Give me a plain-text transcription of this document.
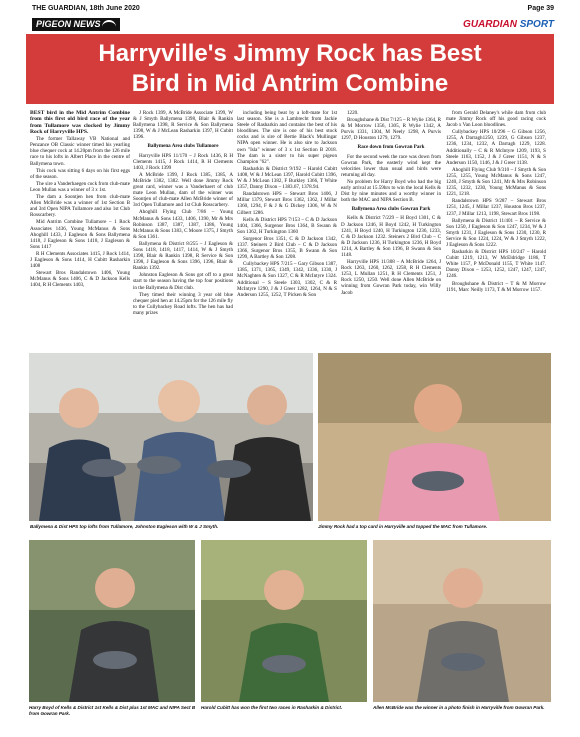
THE GUARDIAN, 18th June 2020	Page 39
PIGEON NEWS	GUARDIAN SPORT
Harryville's Jimmy Rock has Best
Bird in Mid Antrim Combine

BEST bird in the Mid Antrim Combine from this first old bird race of the year from Tullamore was clocked by Jimmy Rock of Harryville HPS.

The former Tallaway VB National and Penzance OB Classic winner timed his yearling blue chequer cock at 14.20pm from the 126 mile race to his lofts in Albert Place in the centre of Ballymena town.

This cock was sitting 6 days on his first eggs of the season.

The sire a Vanderhaegen cock from club-mate Leon Mullan was a winner of 3 x 1st.

The dam a Soontjen hen from club-mate Allen McBride was a winner of 1st Section B and 3rd Open NIPA Tullamore and also 1st Club Rosscarbery.

Mid Antrim Combine Tullamore – 1 Rock Associates 1436, Young McManus & Sons Ahoghill 1433, J Eagleson & Sons Ballymena 1418, J Eagleson & Sons 1418, J Eagleson & Sons 1417

R H Clements Associates 1415, J Rock 1414, J Eagleson & Sons 1414, H Cubitt Rasharkin 1408

Stewart Bros Randalstown 1406, Young McManus & Sons 1406, C & D Jackson Kells 1404, R H Clements 1403,

J Rock 1399, A McBride Associate 1399, W & J Smyth Ballymena 1398, Blair & Rankin Ballymena 1398, R Service & Son Ballymena 1398, W & J McLean Rasharkin 1397, H Cubitt 1396.

Ballymena Area clubs Tullamore

Harryville HPS 11/170 – J Rock 1436, R H Clements 1415, J Rock 1414, R H Clements 1403, J Rock 1399

A McBride 1399, J Rock 1385, 1385, A McBride 1382, 1382. Well done Jimmy Rock great card, winner was a Vanderhaert of club mate Leon Mullan, dam of the winner was Soontjen of club-mate Allen McBride winner of 3rd Open Tullamore and 1st Club Rosscarbery.

Ahoghill Flying Club 7/86 – Young McManus & Sons 1433, 1406, 1390, Mr & Mrs Robinson 1387, 1387, 1387, 1386, Young McManus & Sons 1383, C Moore 1375, J Smyth & Son 1361.

Ballymena & District 8/255 – J Eagleson & Sons 1418, 1418, 1417, 1414, W & J Smyth 1398, Blair & Rankin 1398, R Service & Son 1398, J Eagleson & Sons 1396, 1396, Blair & Rankin 1392.

Johnston Eagleson & Sons got off to a great start to the season having the top four positions in the Ballymena & Dist club.

They timed their winning 3 year old blue chequer pied hen at 14.25pm for the 126 mile fly to the Cullybackey Road lofts. The hen has had many prizes

including being beat by a loft-mate for 1st last season. She is a Lambrecht from Jackie Steele of Rasharkin and contains the best of his bloodlines. The sire is one of his best stock cocks and is sire of Bertie Black's Mullingar NIPA open winner. He is also sire to Jackson own "Isla" winner of 3 x 1st Section B 2018. The dam is a sister to his super pigeon Champion "62".

Rasharkin & District 9/192 – Harold Cubitt 1408, W & J McLean 1397, Harold Cubitt 1396, W & J McLean 1382, F Burkley 1366, T White 1357, Danny Dixon – 1383.67, 1378.94.

Randalstown HPS – Stewart Bros 1406, J Millar 1379, Stewart Bros 1362, 1362, J Millar 1360, 1294, F & J & G Dickey 1306, W & N Gilbert 1286.

Kells & District HPS 7/153 – C & D Jackson 1404, 1366, Surgenor Bros 1364, B Swann & Son 1362, H Turkington 1360

Surgenor Bros 1351, C & D Jackson 1342, 1337. Steiners 2 Bird Club – C & D Jackson 1366, Surgenor Bros 1355, B Swann & Son 1299, A Bartley & Son 1208.

Cullybackey HPS 7/215 – Gary Gibson 1387, 1385, 1371, 1365, 1349, 1342, 1336, 1330, J McNaghten & Son 1327, C & R McIntyre 1324. Additional – S Steele 1303, 1302, C & R McIntyre 1290, J & J Greer 1282, 1264, N & S Anderson 1255, 1252, T Picken & Son

1220.

Broughshane & Dist 7/125 – R Wylie 1364, R & M Morrow 1356, 1305, R Wylie 1342, A Purvis 1331, 1304, M Neely 1298, A Purvis 1297, D Houston 1279, 1279.

Race down from Gowran Park

For the second week the race was down from Gowran Park, the easterly wind kept the velocities lower than usual and birds were returning all day.

No problem for Harry Boyd who had the big early arrival at 15.59hrs to win the local Kells & Dist by nine minutes and a worthy winner in both the MAC and NIPA Section B.

Ballymena Area clubs Gowran Park

Kells & District 7/229 – H Boyd 1301, C & D Jackson 1246, H Boyd 1242, H Turkington 1241, H Boyd 1240, H Turkington 1236, 1233, C & D Jackson 1232. Steiners 2 Bird Club – C & D Jackson 1236, H Turkington 1236, H Boyd 1214, A Bartley & Son 1196, B Swann & Son 1148.

Harryville HPS 11/308 – A McBride 1264, J Rock 1263, 1260, 1262, 1258, R H Clements 1253, L Mullan 1251, R H Clements 1251, J Rock 1250, 1250. Well done Allen McBride on winning from Gowran Park today, win Willy Jacob

from Gerald Delaney's while dam from club mate Jimmy Rock off his good racing cock Jacob x Van Loon bloodlines.

Cullybackey HPS 10/296 – G Gibson 1256, 1255, A Darragh1250, 1239, G Gibson 1237, 1236, 1234, 1232, A Darragh 1229, 1228. Additionally – C & R McIntyre 1209, 1193, S Steele 1163, 1152, J & J Greer 1151, N & S Anderson 1150, 1146, J & J Greer 1138.

Ahoghill Flying Club 9/310 – J Smyth & Son 1255, 1255, Young McManus & Sons 1247, 1240, J Smyth & Son 1241, Mr & Mrs Robinson 1235, 1232, 1230, Young McManus & Sons 1221, 1218.

Randalstown HPS 9/287 – Stewart Bros 1251, 1245, J Millar 1237, Houston Bros 1237, 1237, J Millar 1213, 1198, Stewart Bros 1198.

Ballymena & District 11/401 – R Service & Son 1250, J Eagleson & Son 1247, 1234, W & J Smyth 1231, J Eagleson & Sons 1230, 1230, R Service & Son 1224, 1224, W & J Smyth 1222, J Eagleson & Sons 1222.

Rasharkin & District HPS 10/247 – Harold Cubitt 1219, 1213, W McEldridge 1186, T White 1157, P McDonald 1155, T White 1147. Danny Dixon – 1253, 1252, 1247, 1247, 1247, 1246.

Broughshane & District – T & M Morrow 1191, Marc Neilly 1173, T & M Morrow 1157.

Ballymena & Dist HPS top lofts from Tullamore, Johnston Eagleson with W & J Smyth.	Jimmy Rock had a top card in Harryville and topped the MAC from Tullamore.
Harry Boyd of Kells & District 1st Kells & Dist plus 1st MAC and NIPA Sect B from Gowran Park.
Harold Cubitt has won the first two races in Rasharkin & District.	Allen McBride was the winner in a photo finish in Harryville from Gowran Park.
